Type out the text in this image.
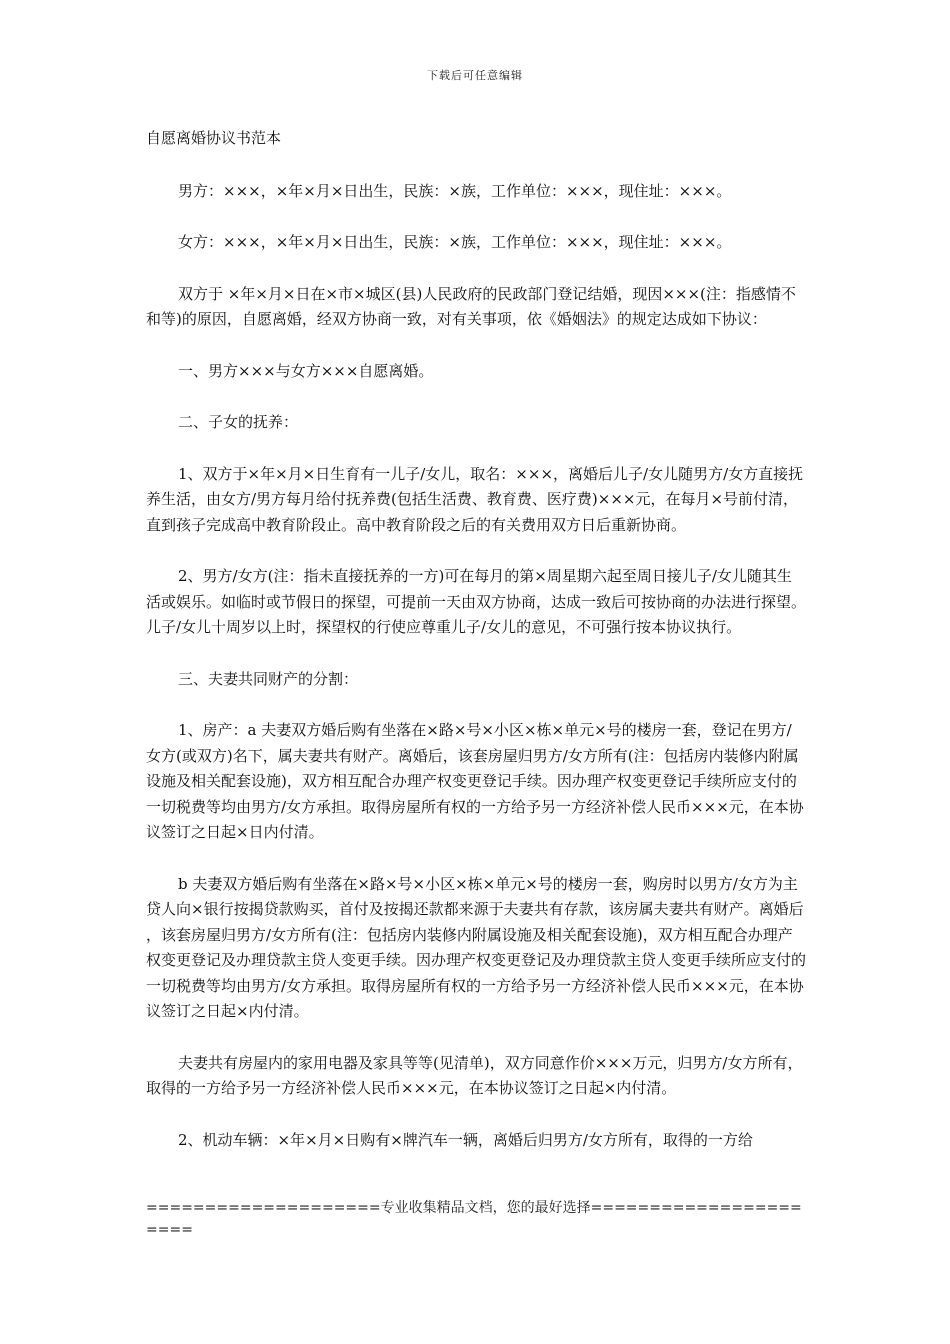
下载后可任意编辑
自愿离婚协议书范本

男方：×××，×年×月×日出生，民族：×族，工作单位：×××，现住址：×××。

女方：×××，×年×月×日出生，民族：×族，工作单位：×××，现住址：×××。

双方于 ×年×月×日在×市×城区(县)人民政府的民政部门登记结婚，现因×××(注：指感情不和等)的原因，自愿离婚，经双方协商一致，对有关事项，依《婚姻法》的规定达成如下协议：

一、男方×××与女方×××自愿离婚。

二、子女的抚养：

1、双方于×年×月×日生育有一儿子/女儿，取名：×××，离婚后儿子/女儿随男方/女方直接抚养生活，由女方/男方每月给付抚养费(包括生活费、教育费、医疗费)×××元，在每月×号前付清，直到孩子完成高中教育阶段止。高中教育阶段之后的有关费用双方日后重新协商。

2、男方/女方(注：指未直接抚养的一方)可在每月的第×周星期六起至周日接儿子/女儿随其生活或娱乐。如临时或节假日的探望，可提前一天由双方协商，达成一致后可按协商的办法进行探望。儿子/女儿十周岁以上时，探望权的行使应尊重儿子/女儿的意见，不可强行按本协议执行。

三、夫妻共同财产的分割：

1、房产：a 夫妻双方婚后购有坐落在×路×号×小区×栋×单元×号的楼房一套，登记在男方/女方(或双方)名下，属夫妻共有财产。离婚后，该套房屋归男方/女方所有(注：包括房内装修内附属设施及相关配套设施)，双方相互配合办理产权变更登记手续。因办理产权变更登记手续所应支付的一切税费等均由男方/女方承担。取得房屋所有权的一方给予另一方经济补偿人民币×××元，在本协议签订之日起×日内付清。

b 夫妻双方婚后购有坐落在×路×号×小区×栋×单元×号的楼房一套，购房时以男方/女方为主贷人向×银行按揭贷款购买，首付及按揭还款都来源于夫妻共有存款，该房属夫妻共有财产。离婚后，该套房屋归男方/女方所有(注：包括房内装修内附属设施及相关配套设施)，双方相互配合办理产权变更登记及办理贷款主贷人变更手续。因办理产权变更登记及办理贷款主贷人变更手续所应支付的一切税费等均由男方/女方承担。取得房屋所有权的一方给予另一方经济补偿人民币×××元，在本协议签订之日起×内付清。

夫妻共有房屋内的家用电器及家具等等(见清单)，双方同意作价×××万元，归男方/女方所有，取得的一方给予另一方经济补偿人民币×××元，在本协议签订之日起×内付清。

2、机动车辆：×年×月×日购有×牌汽车一辆，离婚后归男方/女方所有，取得的一方给

====================专业收集精品文档，您的最好选择======================
